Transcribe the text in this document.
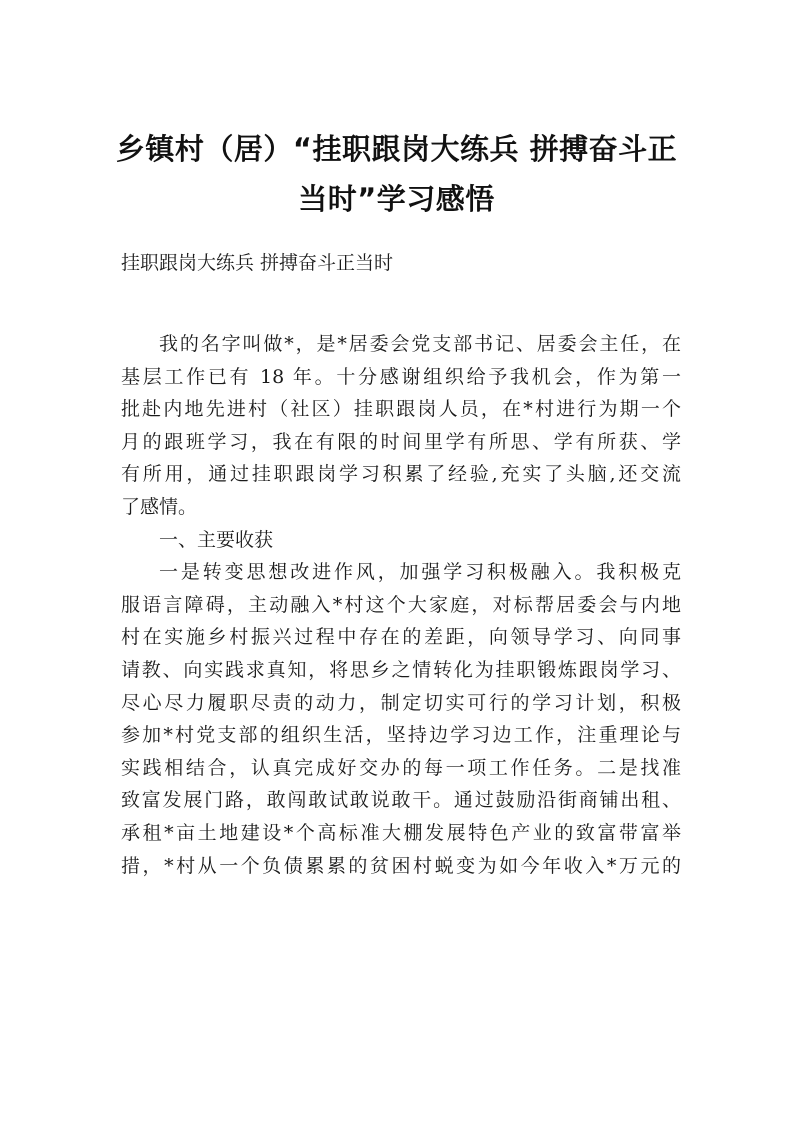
乡镇村（居）“挂职跟岗大练兵 拼搏奋斗正
当时”学习感悟
挂职跟岗大练兵 拼搏奋斗正当时
我的名字叫做*，是*居委会党支部书记、居委会主任，在
基层工作已有 18 年。十分感谢组织给予我机会，作为第一
批赴内地先进村（社区）挂职跟岗人员，在*村进行为期一个
月的跟班学习，我在有限的时间里学有所思、学有所获、学
有所用，通过挂职跟岗学习积累了经验,充实了头脑,还交流
了感情。
一、主要收获
一是转变思想改进作风，加强学习积极融入。我积极克
服语言障碍，主动融入*村这个大家庭，对标帮居委会与内地
村在实施乡村振兴过程中存在的差距，向领导学习、向同事
请教、向实践求真知，将思乡之情转化为挂职锻炼跟岗学习、
尽心尽力履职尽责的动力，制定切实可行的学习计划，积极
参加*村党支部的组织生活，坚持边学习边工作，注重理论与
实践相结合，认真完成好交办的每一项工作任务。二是找准
致富发展门路，敢闯敢试敢说敢干。通过鼓励沿街商铺出租、
承租*亩土地建设*个高标准大棚发展特色产业的致富带富举
措，*村从一个负债累累的贫困村蜕变为如今年收入*万元的
